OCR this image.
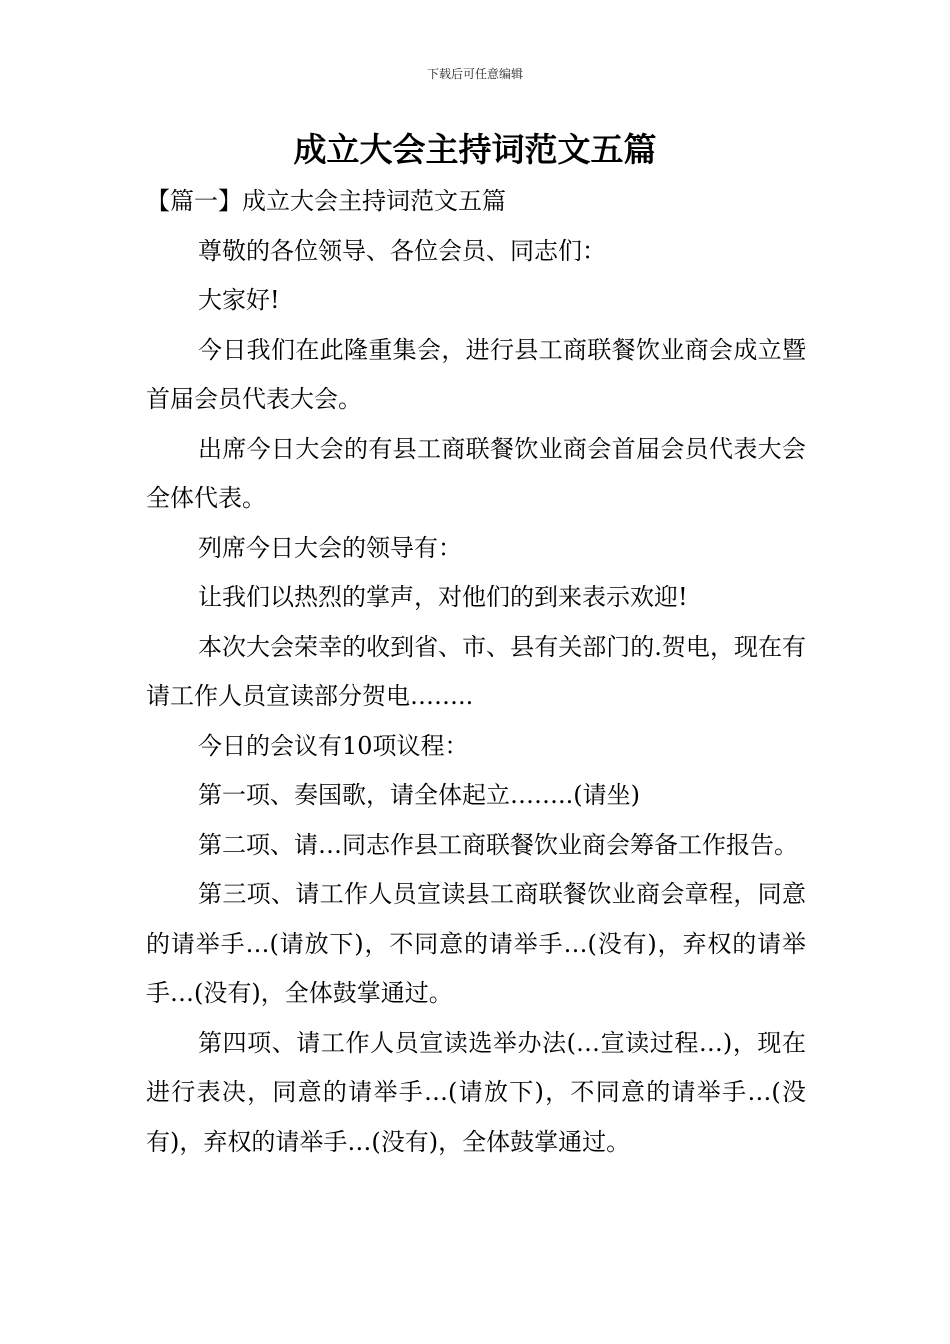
下载后可任意编辑
成立大会主持词范文五篇

【篇一】成立大会主持词范文五篇

尊敬的各位领导、各位会员、同志们：

大家好!

今日我们在此隆重集会，进行县工商联餐饮业商会成立暨首届会员代表大会。

出席今日大会的有县工商联餐饮业商会首届会员代表大会全体代表。

列席今日大会的领导有：

让我们以热烈的掌声，对他们的到来表示欢迎!

本次大会荣幸的收到省、市、县有关部门的.贺电，现在有请工作人员宣读部分贺电……..

今日的会议有10项议程：

第一项、奏国歌，请全体起立……..(请坐)

第二项、请…同志作县工商联餐饮业商会筹备工作报告。

第三项、请工作人员宣读县工商联餐饮业商会章程，同意的请举手…(请放下)，不同意的请举手…(没有)，弃权的请举手…(没有)，全体鼓掌通过。

第四项、请工作人员宣读选举办法(…宣读过程…)，现在进行表决，同意的请举手…(请放下)，不同意的请举手…(没有)，弃权的请举手…(没有)，全体鼓掌通过。
